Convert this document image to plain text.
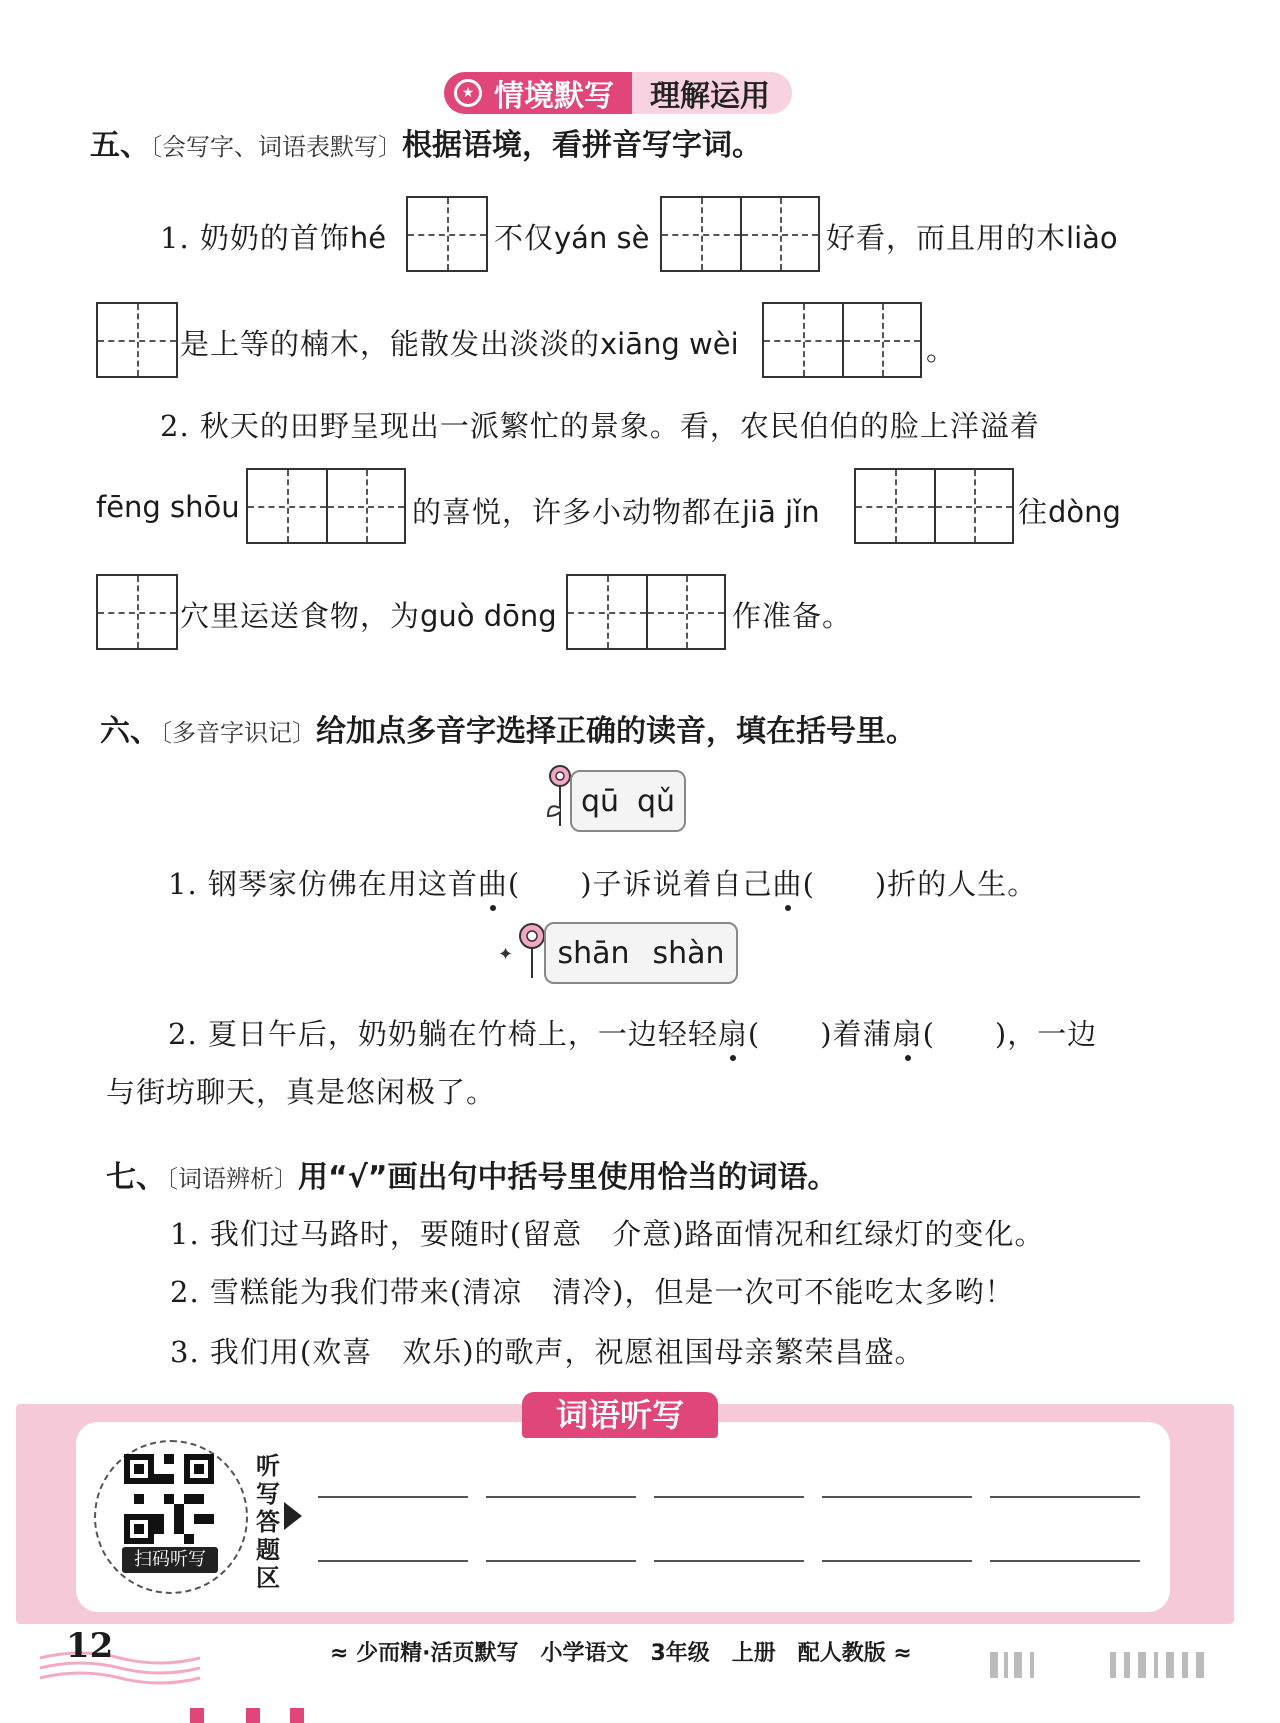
★ 情境默写 理解运用
五、〔会写字、词语表默写〕根据语境，看拼音写字词。
1. 奶奶的首饰hé	不仅yán sè	好看，而且用的木liào
是上等的楠木，能散发出淡淡的xiāng wèi	。
2. 秋天的田野呈现出一派繁忙的景象。看，农民伯伯的脸上洋溢着
fēng shōu	的喜悦，许多小动物都在jiā jǐn	往dòng
穴里运送食物，为guò dōng	作准备。
六、〔多音字识记〕给加点多音字选择正确的读音，填在括号里。
qū qǔ
1. 钢琴家仿佛在用这首曲(　　)子诉说着自己曲(　　)折的人生。
✦ shān shàn
2. 夏日午后，奶奶躺在竹椅上，一边轻轻扇(　　)着蒲扇(　　)，一边
与街坊聊天，真是悠闲极了。
七、〔词语辨析〕用“√”画出句中括号里使用恰当的词语。
1. 我们过马路时，要随时(留意　介意)路面情况和红绿灯的变化。
2. 雪糕能为我们带来(清凉　清冷)，但是一次可不能吃太多哟！
3. 我们用(欢喜　欢乐)的歌声，祝愿祖国母亲繁荣昌盛。
词语听写
扫码听写
听写答题区
12	≈ 少而精·活页默写　小学语文　3年级　上册　配人教版 ≈
